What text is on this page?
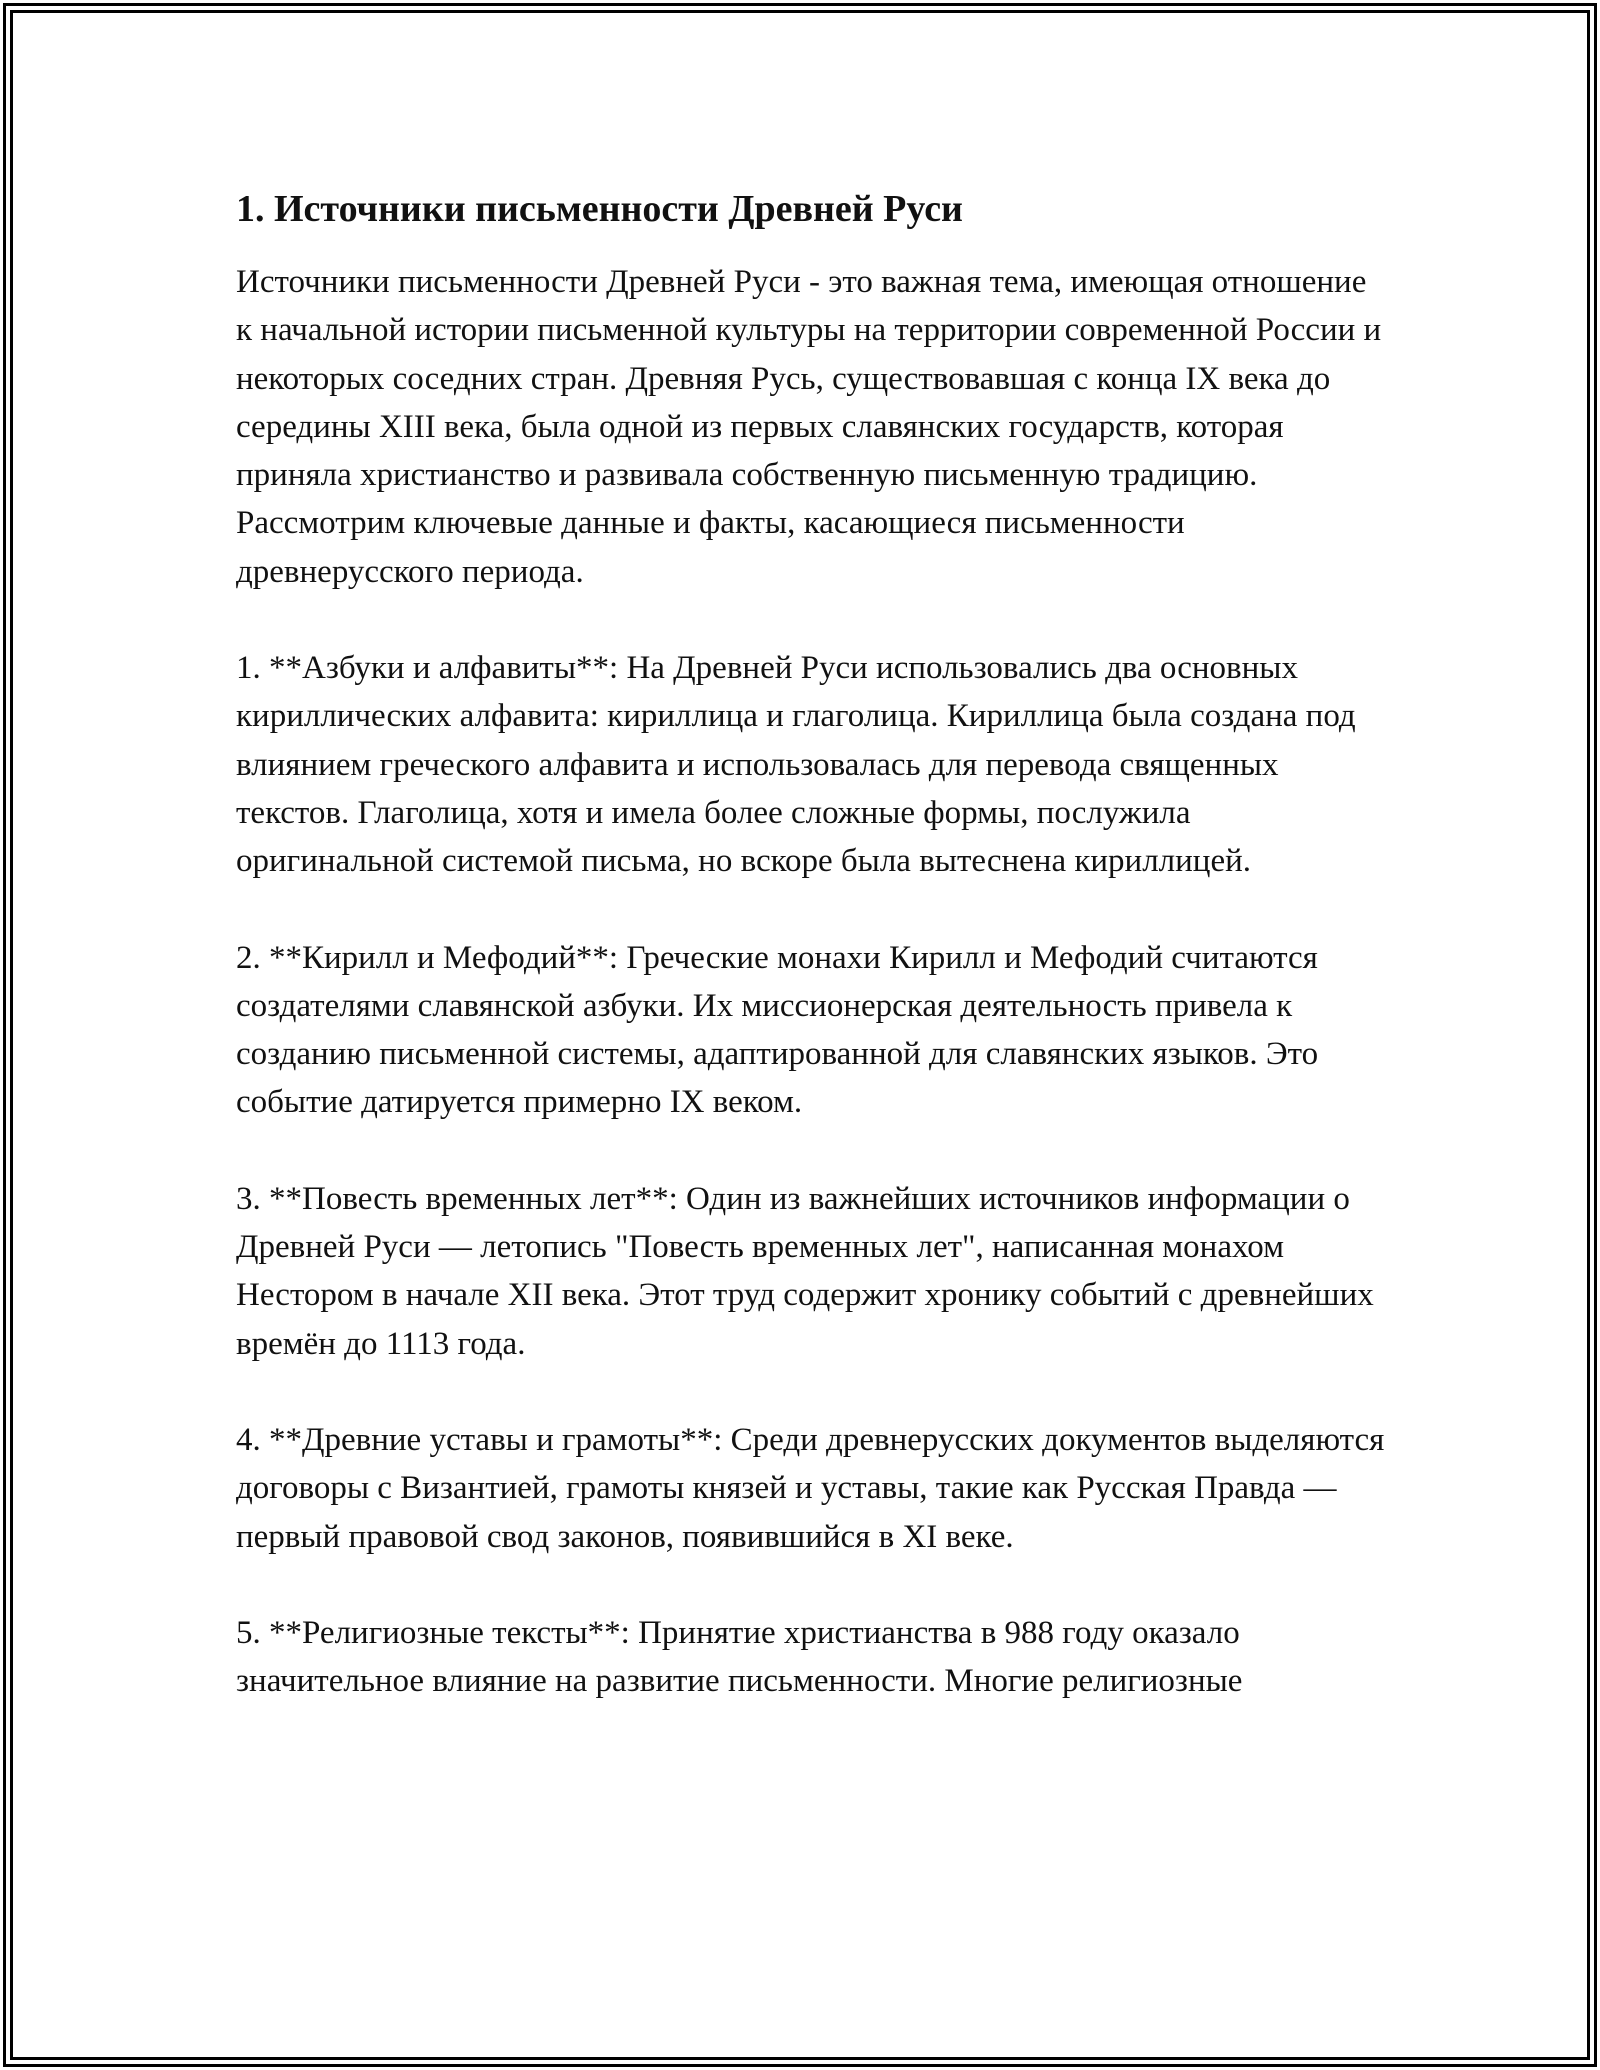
1. Источники письменности Древней Руси

Источники письменности Древней Руси - это важная тема, имеющая отношение к начальной истории письменной культуры на территории современной России и некоторых соседних стран. Древняя Русь, существовавшая с конца IX века до середины XIII века, была одной из первых славянских государств, которая приняла христианство и развивала собственную письменную традицию. Рассмотрим ключевые данные и факты, касающиеся письменности древнерусского периода.

1. **Азбуки и алфавиты**: На Древней Руси использовались два основных кириллических алфавита: кириллица и глаголица. Кириллица была создана под влиянием греческого алфавита и использовалась для перевода священных текстов. Глаголица, хотя и имела более сложные формы, послужила оригинальной системой письма, но вскоре была вытеснена кириллицей.

2. **Кирилл и Мефодий**: Греческие монахи Кирилл и Мефодий считаются создателями славянской азбуки. Их миссионерская деятельность привела к созданию письменной системы, адаптированной для славянских языков. Это событие датируется примерно IX веком.

3. **Повесть временных лет**: Один из важнейших источников информации о Древней Руси — летопись "Повесть временных лет", написанная монахом Нестором в начале XII века. Этот труд содержит хронику событий с древнейших времён до 1113 года.

4. **Древние уставы и грамоты**: Среди древнерусских документов выделяются договоры с Византией, грамоты князей и уставы, такие как Русская Правда — первый правовой свод законов, появившийся в XI веке.

5. **Религиозные тексты**: Принятие христианства в 988 году оказало значительное влияние на развитие письменности. Многие религиозные
